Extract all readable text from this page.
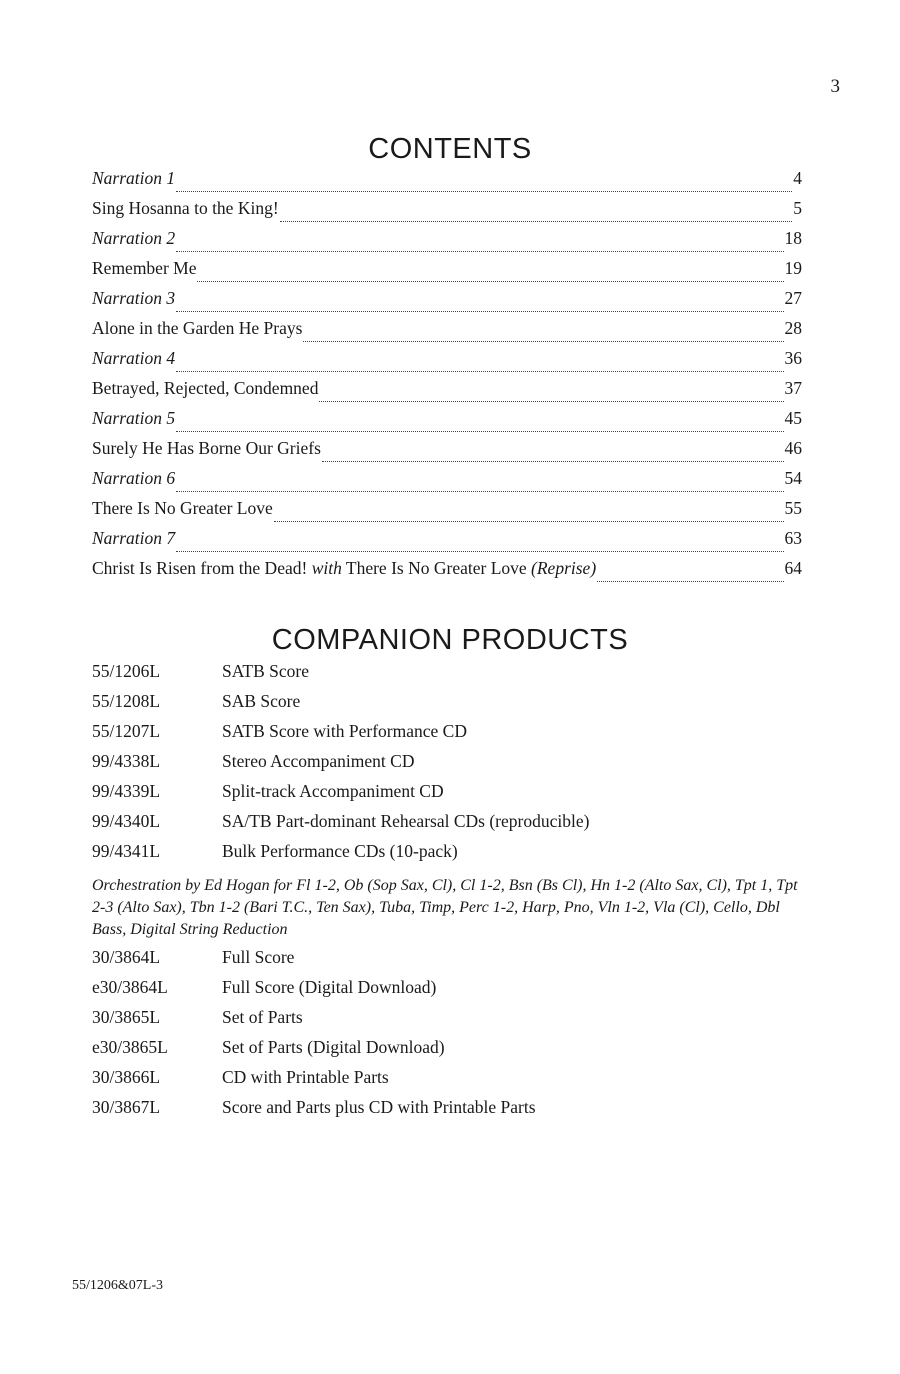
3
CONTENTS
Narration 1	4
Sing Hosanna to the King!	5
Narration 2	18
Remember Me	19
Narration 3	27
Alone in the Garden He Prays	28
Narration 4	36
Betrayed, Rejected, Condemned	37
Narration 5	45
Surely He Has Borne Our Griefs	46
Narration 6	54
There Is No Greater Love	55
Narration 7	63
Christ Is Risen from the Dead! with There Is No Greater Love (Reprise)	64
COMPANION PRODUCTS
55/1206L	SATB Score
55/1208L	SAB Score
55/1207L	SATB Score with Performance CD
99/4338L	Stereo Accompaniment CD
99/4339L	Split-track Accompaniment CD
99/4340L	SA/TB Part-dominant Rehearsal CDs (reproducible)
99/4341L	Bulk Performance CDs (10-pack)
Orchestration by Ed Hogan for Fl 1-2, Ob (Sop Sax, Cl), Cl 1-2, Bsn (Bs Cl), Hn 1-2 (Alto Sax, Cl), Tpt 1, Tpt 2-3 (Alto Sax), Tbn 1-2 (Bari T.C., Ten Sax), Tuba, Timp, Perc 1-2, Harp, Pno, Vln 1-2, Vla (Cl), Cello, Dbl Bass, Digital String Reduction
30/3864L	Full Score
e30/3864L	Full Score (Digital Download)
30/3865L	Set of Parts
e30/3865L	Set of Parts (Digital Download)
30/3866L	CD with Printable Parts
30/3867L	Score and Parts plus CD with Printable Parts
55/1206&07L-3
